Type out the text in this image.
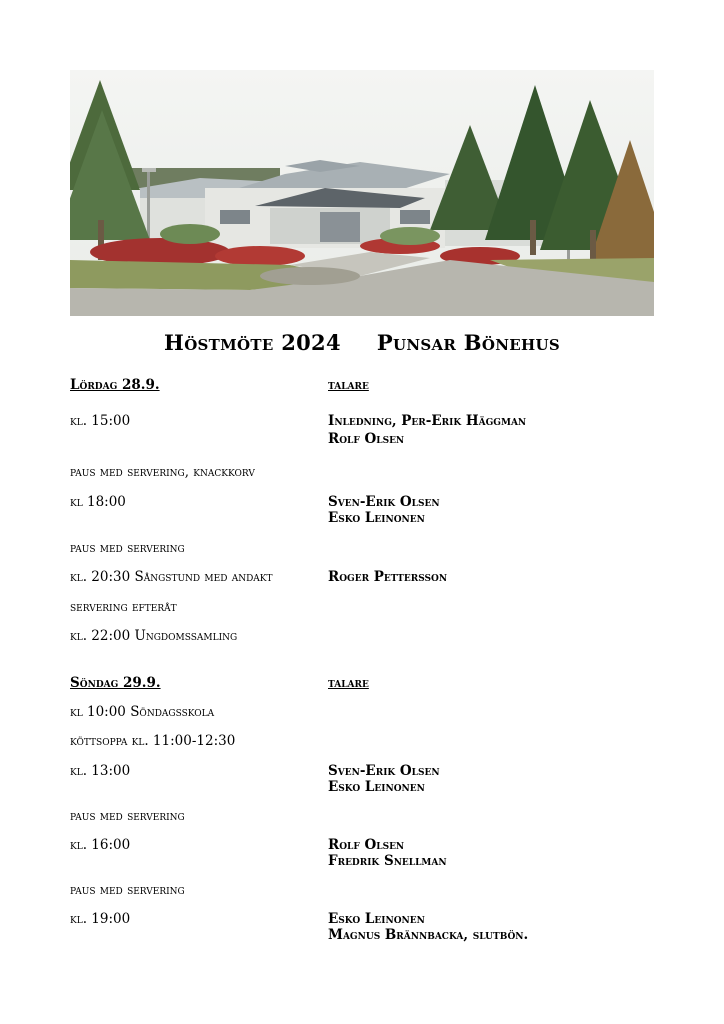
Höstmöte 2024 Punsar Bönehus
Lördag 28.9.	talare
kl. 15:00	Inledning, Per-Erik Häggman
Rolf Olsen
paus med servering, knackkorv
kl 18:00	Sven-Erik Olsen
Esko Leinonen
paus med servering
kl. 20:30 Sångstund med andakt	Roger Pettersson
servering efteråt
kl. 22:00 Ungdomssamling
Söndag 29.9.	talare
kl 10:00 Söndagsskola
köttsoppa kl. 11:00-12:30
kl. 13:00	Sven-Erik Olsen
Esko Leinonen
paus med servering
kl. 16:00	Rolf Olsen
Fredrik Snellman
paus med servering
kl. 19:00	Esko Leinonen
Magnus Brännbacka, slutbön.
